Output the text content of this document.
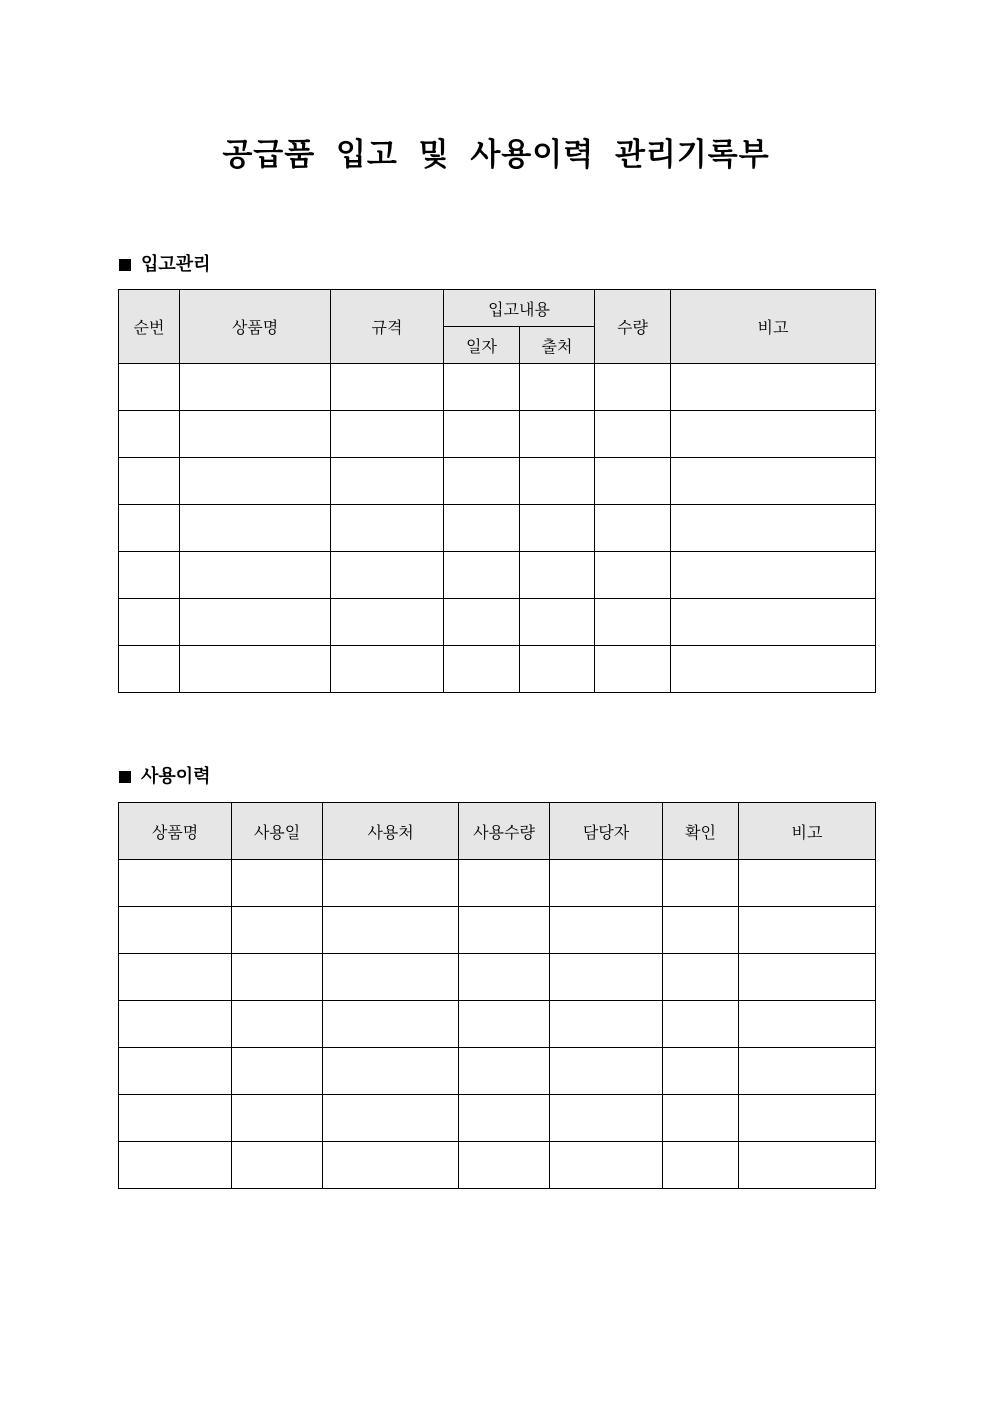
공급품 입고 및 사용이력 관리기록부
입고관리
순번	상품명	규격	입고내용		수량	비고
			일자	출처		

사용이력
상품명	사용일	사용처	사용수량	담당자	확인	비고
